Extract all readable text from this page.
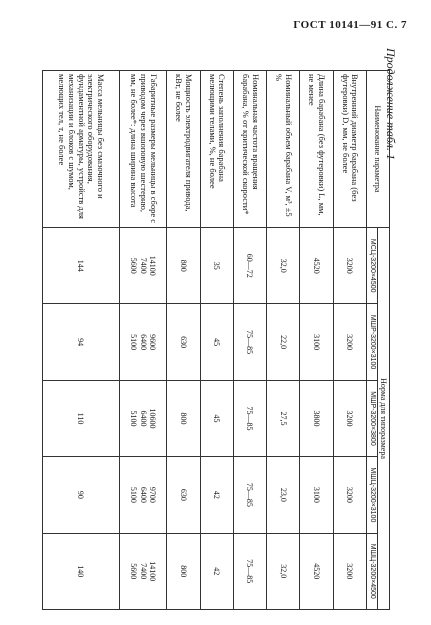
ГОСТ 10141—91 С. 7
Продолжение табл. 1
Наименование параметра	Норма для типоразмера				
	МСЦ-3200×4500	МШР-3200×3100	МШР-3200×3800	МШЦ-3200×3100	МШЦ-3200×4500
Внутренний диаметр барабана (без футеровки) D, мм, не более	3200	3200	3200	3200	3200

Длина барабана (без футеровки) L, мм, не менее	4520	3100	3800	3100	4520

Номинальный объем барабана V, м³, ±5 %	32,0	22,0	27,5	23,0	32,0

Номинальная частота вращения барабана, % от критической скорости*	60—72	75—85	75—85	75—85	75—85

Степень заполнения барабана мелющими телами, %, не более	35	45	45	42	42

Мощность электродвигателя привода, кВт, не более	800	630	800	630	800

Габаритные размеры мельницы в сборе с приводом через вшоповую шестерню, мм, не более*: длина ширина высота	14100
7400
5600	9600
6400
5100	10600
6400
5100	9700
6400
5100	14100
7400
5600

Масса мельницы без смазочного и электрического оборудования, фундаментной арматуры, устройств для механизации и блоков с шумом, мелющих тел, т, не более	144	94	110	90	140
